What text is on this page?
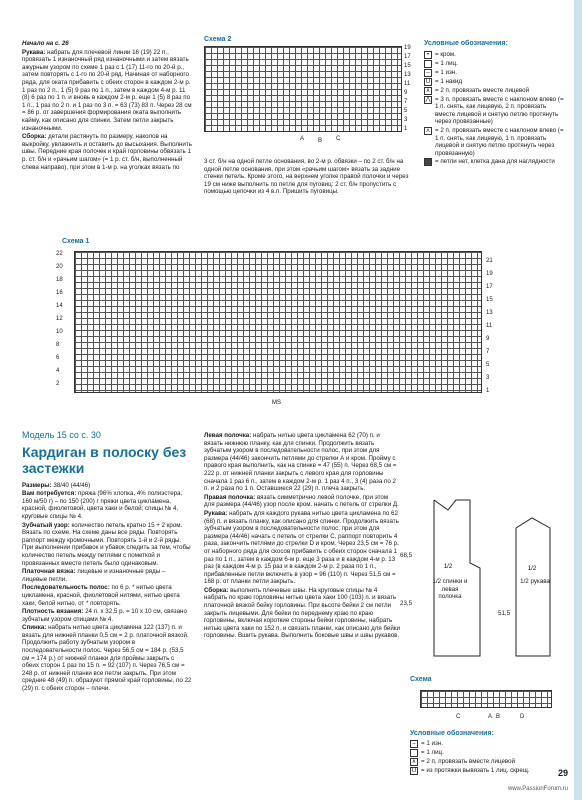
Начало на с. 26

Рукава: набрать для плечевой линии 16 (19) 22 п., провязать 1 изнаночный ряд изнаночными и затем вязать ажурным узором по схеме 1 раз с 1 (17) 11-го по 20-й р., затем повторять с 1-го по 20-й ряд. Начиная от наборного ряда, для оката прибавить с обеих сторон в каждом 2-м р. 1 раз по 2 п., 1 (5) 9 раз по 1 п., затем в каждом 4-м р. 11 (8) 6 раз по 1 п. и вновь в каждом 2-м р. еще 1 (5) 8 раз по 1 п., 1 раз по 2 п. и 1 раз по 3 п. = 63 (73) 83 п. Через 28 см = 86 р. от завершения формирования оката выполнить кайму, как описано для спинки. Затем петли закрыть изнаночными.

Сборка: детали растянуть по размеру, наколов на выкройку, увлажнить и оставить до высыхания. Выполнить швы. Передние края полочек и край горловины обвязать 1 р. ст. б/н и «рачьим шагом» (= 1 р. ст. б/н, выполненный слева направо), при этом в 1-м р. на уголках вязать по

Схема 2
19
17
15
13
11
9
7
5
3
1
A B C

3 ст. б/н на одной петле основания, во 2-м р. обвязки – по 2 ст. б/н на одной петле основания, при этом «рачьим шагом» вязать за задние стенки петель. Кроме этого, на верхнем уголке правой полочки и через 19 см ниже выполнить по петле для пуговиц: 2 ст. б/н пропустить с помощью цепочки из 4 в.п. Пришить пуговицы.

Условные обозначения:

• = кром.
= 1 лиц.
– = 1 изн.
U = 1 накид
∧ = 2 п. провязать вместе лицевой
⋀ = 3 п. провязать вместе с наклоном влево (= 1 п. снять, как лицевую, 2 п. провязать вместе лицевой и снятую петлю протянуть через провязанные)
⋏ = 2 п. провязать вместе с наклоном влево (= 1 п. снять, как лицевую, 1 п. провязать лицевой и снятую петлю протянуть через провязанную)
= петли нет, клетка дана для наглядности
Схема 1
22
20
18
16
14
12
10
8
6
4
2
21
19
17
15
13
11
9
7
5
3
1
MS

Модель 15 со с. 30

Кардиган в полоску без застежки

Размеры: 38/40 (44/46)

Вам потребуется: пряжа (96% хлопка, 4% полиэстера; 160 м/50 г) – по 150 (200) г пряжи цвета цикламена, красной, фиолетовой, цвета хаки и белой; спицы № 4, круговые спицы № 4.

Зубчатый узор: количество петель кратно 15 + 2 кром. Вязать по схеме. На схеме даны все ряды. Повторять раппорт между кромочными. Повторять 1-й и 2-й ряды. При выполнении прибавок и убавок следить за тем, чтобы количество петель между петлями с пометкой и провязанных вместе петель было одинаковым.

Платочная вязка: лицевые и изнаночные ряды – лицевые петли.

Последовательность полос: по 6 р. * нитью цвета цикламена, красной, фиолетовой нитями, нитью цвета хаки, белой нитью, от * повторять.

Плотность вязания: 24 п. х 32,5 р. = 10 х 10 см, связано зубчатым узором спицами № 4.

Спинка: набрать нитью цвета цикламена 122 (137) п. и вязать для нижней планки 0,5 см = 2 р. платочной вязкой. Продолжить работу зубчатым узором в последовательности полос. Через 56,5 см = 184 р. (53,5 см = 174 р.) от нижней планки для проймы закрыть с обеих сторон 1 раз по 15 п. = 92 (107) п. Через 76,5 см = 248 р. от нижней планки все петли закрыть. При этом средние 48 (49) п. образуют прямой край горловины, по 22 (29) п. с обеих сторон – плечи.

Левая полочка: набрать нитью цвета цикламена 62 (70) п. и вязать нижнюю планку, как для спинки. Продолжить вязать зубчатым узором в последовательности полос, при этом для размера (44/46) закончить петлями до стрелки А и кром. Пройму с правого края выполнить, как на спинке = 47 (55) п. Через 68,5 см = 222 р. от нижней планки закрыть с левого края для горловины сначала 1 раз 6 п., затем в каждом 2-м р. 1 раз 4 п., 3 (4) раза по 2 п. и 2 раза по 1 п. Оставшиеся 22 (29) п. плеча закрыть.

Правая полочка: вязать симметрично левой полочке, при этом для размера (44/46) узор после кром. начать с петель от стрелки Д.

Рукава: набрать для каждого рукава нитью цвета цикламена по 62 (68) п. и вязать планку, как описано для спинки. Продолжить вязать зубчатым узором в последовательности полос, при этом для размера (44/46) начать с петель от стрелки С, раппорт повторить 4 раза, закончить петлями до стрелки D и кром. Через 23,5 см = 76 р. от наборного ряда для скосов прибавить с обеих сторон сначала 1 раз по 1 п., затем в каждом 6-м р. еще 3 раза и в каждом 4-м р. 13 раз (в каждом 4-м р. 15 раз и в каждом 2-м р. 2 раза по 1 п., прибавленные петли включить в узор = 96 (110) п. Через 51,5 см = 168 р. от планки петли закрыть.

Сборка: выполнить плечевые швы. На круговые спицы № 4 набрать по краю горловины нитью цвета хаки 100 (103) п. и вязать платочной вязкой бейку горловины. При вьсоте бейки 2 см петли закрыть лицевыми. Для бейки по переднему краю по краю горловины, включая короткие стороны бейки горловины, набрать нитью цвета хаки по 152 п. и связать планки, как описано для бейки горловины. Вшить рукава. Выполнить боковые швы и швы рукавов.

1/2	1/2
1/2 спинки и левая полочка
1/2 рукава
68,5
23,5
51,5
Схема
C	A B	D

Условные обозначения:

– = 1 изн.
= 1 лиц.
∧ = 2 п. провязать вместе лицевой
U = из протяжки вывязать 1 лиц. скрещ.	29
www.PassionForum.ru
